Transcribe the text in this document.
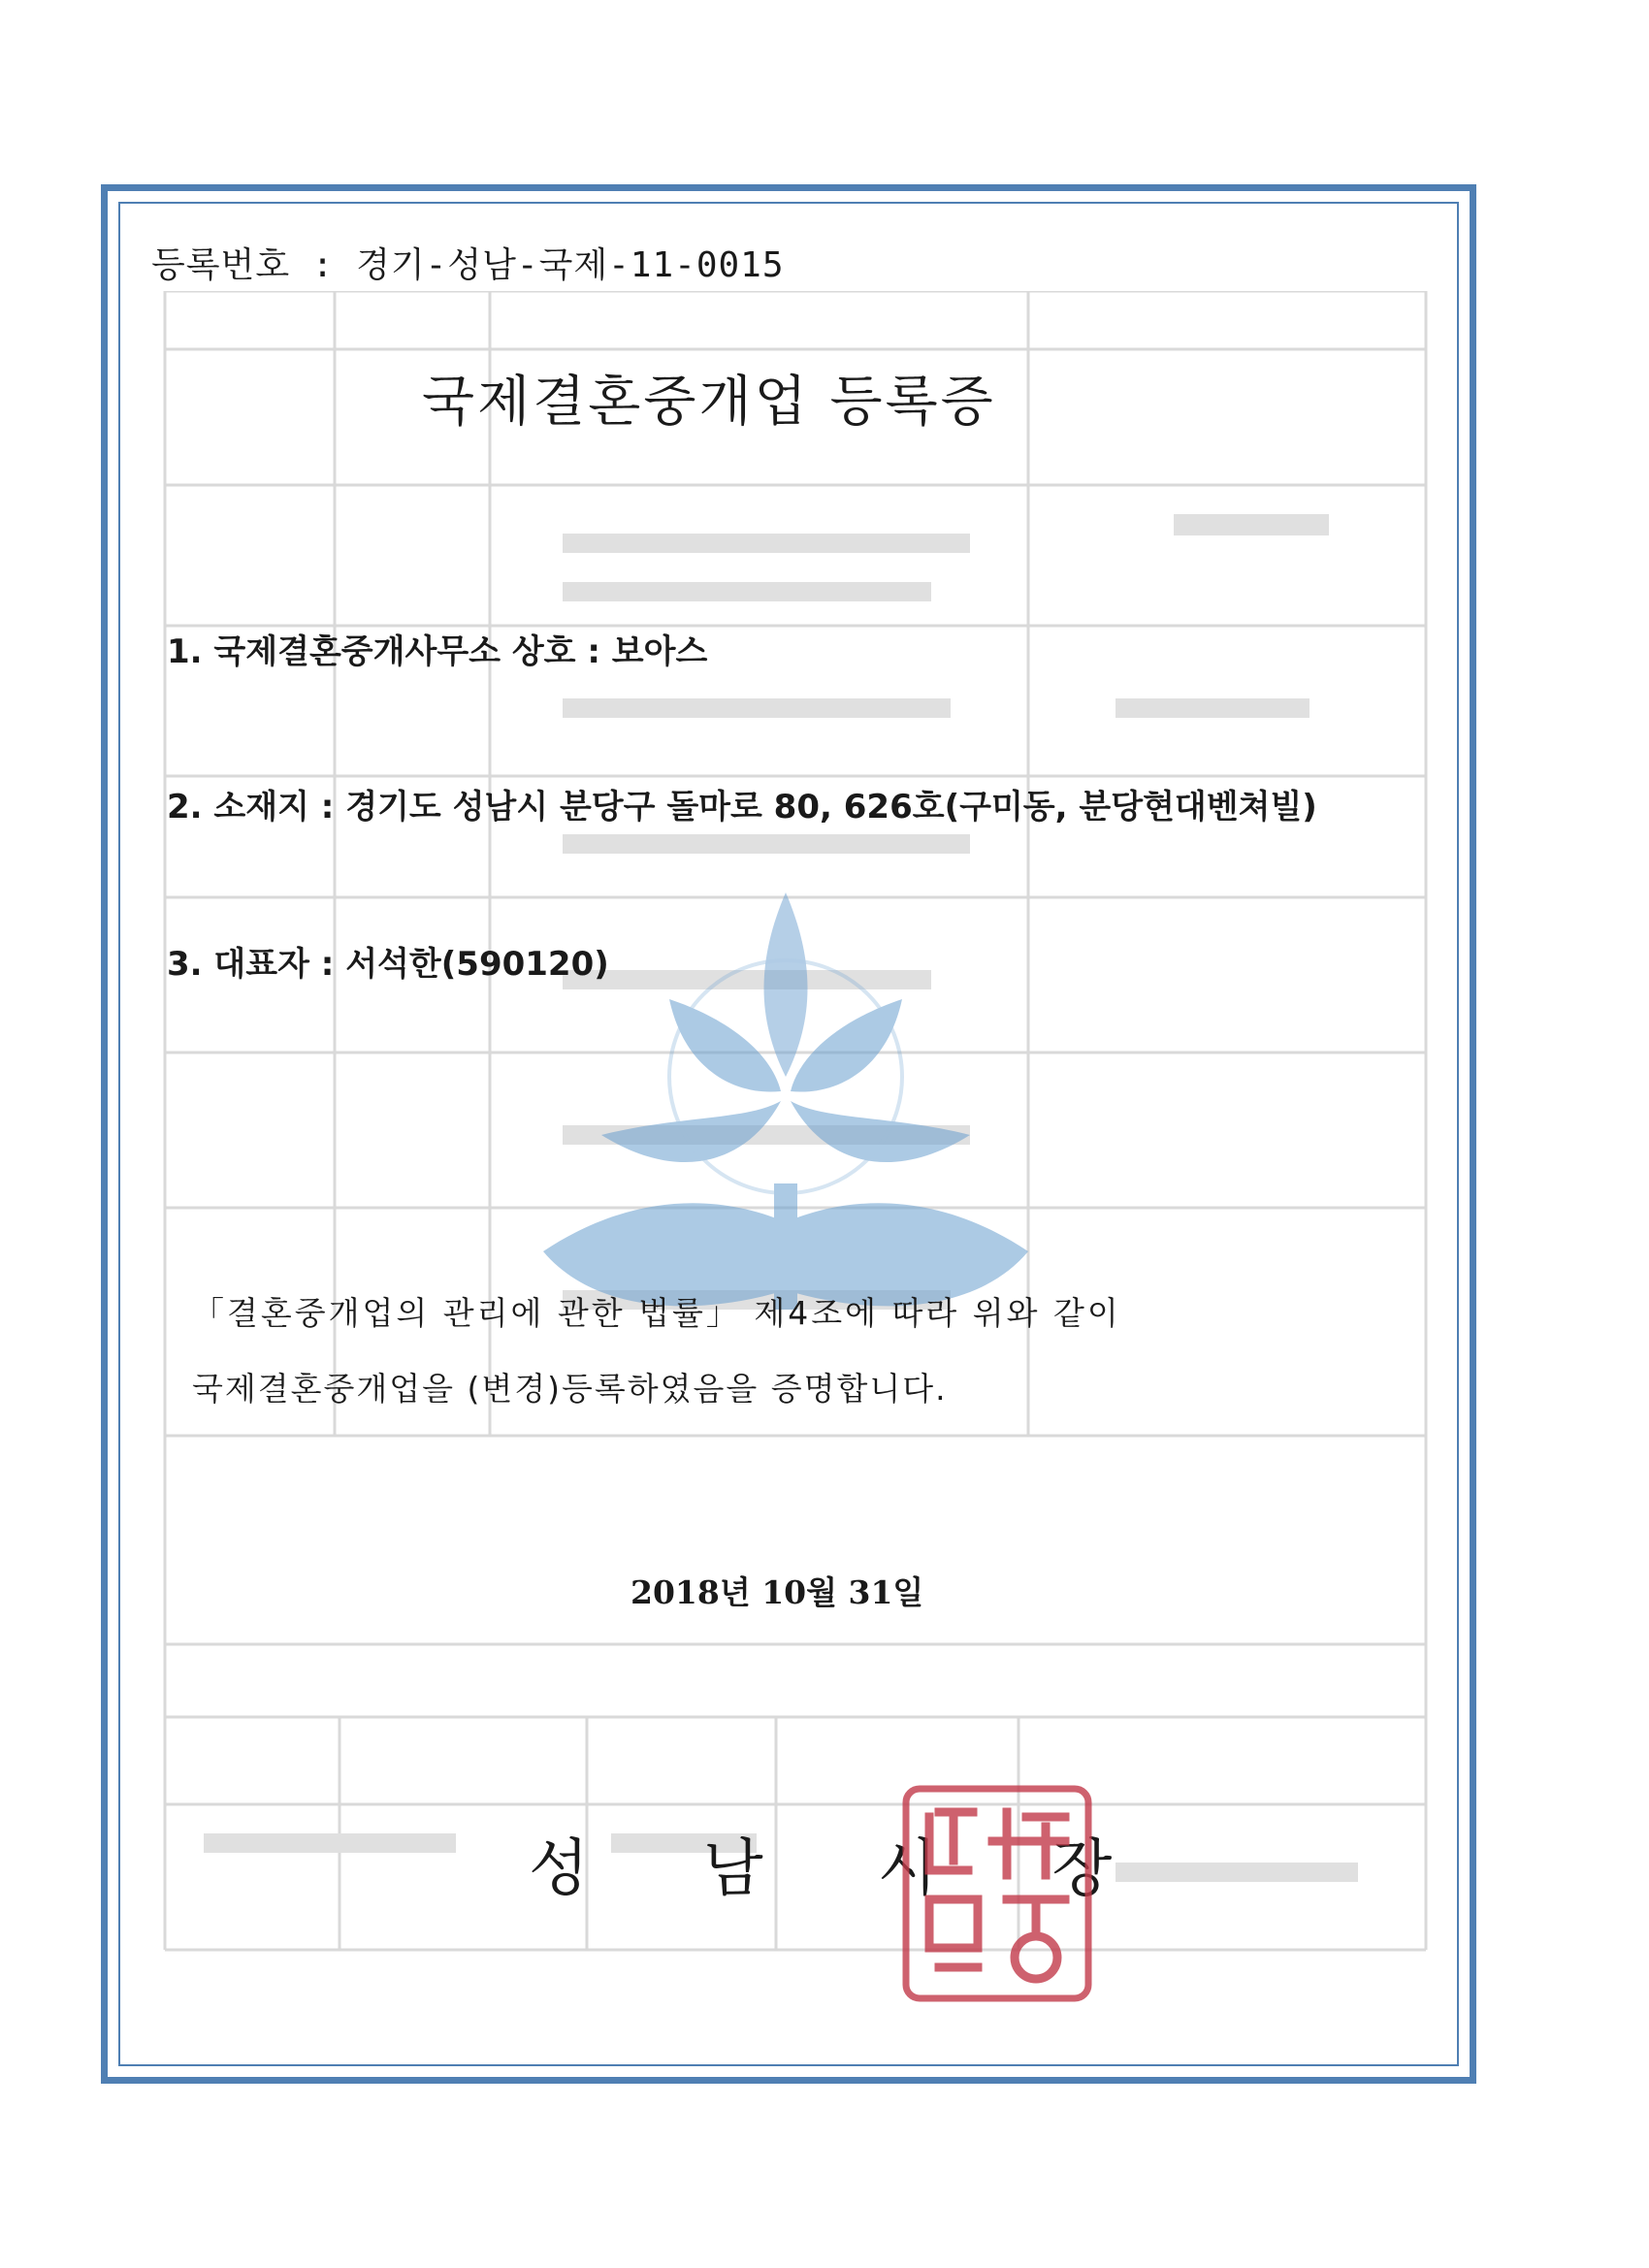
등록번호 : 경기-성남-국제-11-0015
국제결혼중개업 등록증
1. 국제결혼중개사무소 상호 : 보아스
2. 소재지 : 경기도 성남시 분당구 돌마로 80, 626호(구미동, 분당현대벤쳐빌)
3. 대표자 : 서석한(590120)
「결혼중개업의 관리에 관한 법률」 제4조에 따라 위와 같이
국제결혼중개업을 (변경)등록하였음을 증명합니다.
2018년 10월 31일
성 남 시 장
